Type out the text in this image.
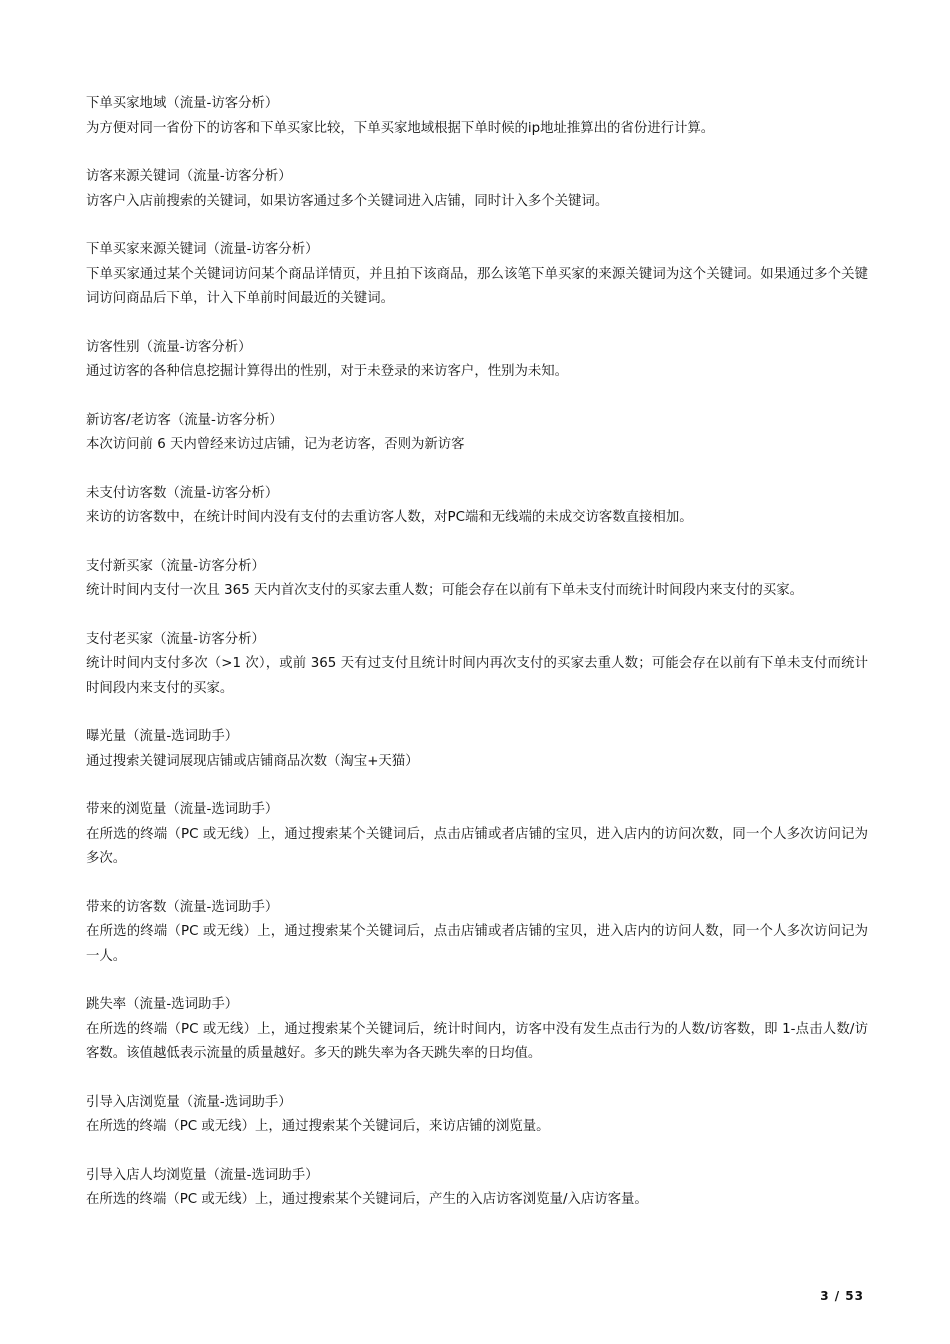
下单买家地域（流量-访客分析）

为方便对同一省份下的访客和下单买家比较，下单买家地域根据下单时候的ip地址推算出的省份进行计算。

访客来源关键词（流量-访客分析）

访客户入店前搜索的关键词，如果访客通过多个关键词进入店铺，同时计入多个关键词。

下单买家来源关键词（流量-访客分析）

下单买家通过某个关键词访问某个商品详情页，并且拍下该商品，那么该笔下单买家的来源关键词为这个关键词。如果通过多个关键词访问商品后下单，计入下单前时间最近的关键词。

访客性别（流量-访客分析）

通过访客的各种信息挖掘计算得出的性别，对于未登录的来访客户，性别为未知。

新访客/老访客（流量-访客分析）

本次访问前 6 天内曾经来访过店铺，记为老访客，否则为新访客

未支付访客数（流量-访客分析）

来访的访客数中，在统计时间内没有支付的去重访客人数，对PC端和无线端的未成交访客数直接相加。

支付新买家（流量-访客分析）

统计时间内支付一次且 365 天内首次支付的买家去重人数；可能会存在以前有下单未支付而统计时间段内来支付的买家。

支付老买家（流量-访客分析）

统计时间内支付多次（>1 次），或前 365 天有过支付且统计时间内再次支付的买家去重人数；可能会存在以前有下单未支付而统计时间段内来支付的买家。

曝光量（流量-选词助手）

通过搜索关键词展现店铺或店铺商品次数（淘宝+天猫）

带来的浏览量（流量-选词助手）

在所选的终端（PC 或无线）上，通过搜索某个关键词后，点击店铺或者店铺的宝贝，进入店内的访问次数，同一个人多次访问记为多次。

带来的访客数（流量-选词助手）

在所选的终端（PC 或无线）上，通过搜索某个关键词后，点击店铺或者店铺的宝贝，进入店内的访问人数，同一个人多次访问记为一人。

跳失率（流量-选词助手）

在所选的终端（PC 或无线）上，通过搜索某个关键词后，统计时间内，访客中没有发生点击行为的人数/访客数，即 1-点击人数/访客数。该值越低表示流量的质量越好。多天的跳失率为各天跳失率的日均值。

引导入店浏览量（流量-选词助手）

在所选的终端（PC 或无线）上，通过搜索某个关键词后，来访店铺的浏览量。

引导入店人均浏览量（流量-选词助手）

在所选的终端（PC 或无线）上，通过搜索某个关键词后，产生的入店访客浏览量/入店访客量。

3 / 53
